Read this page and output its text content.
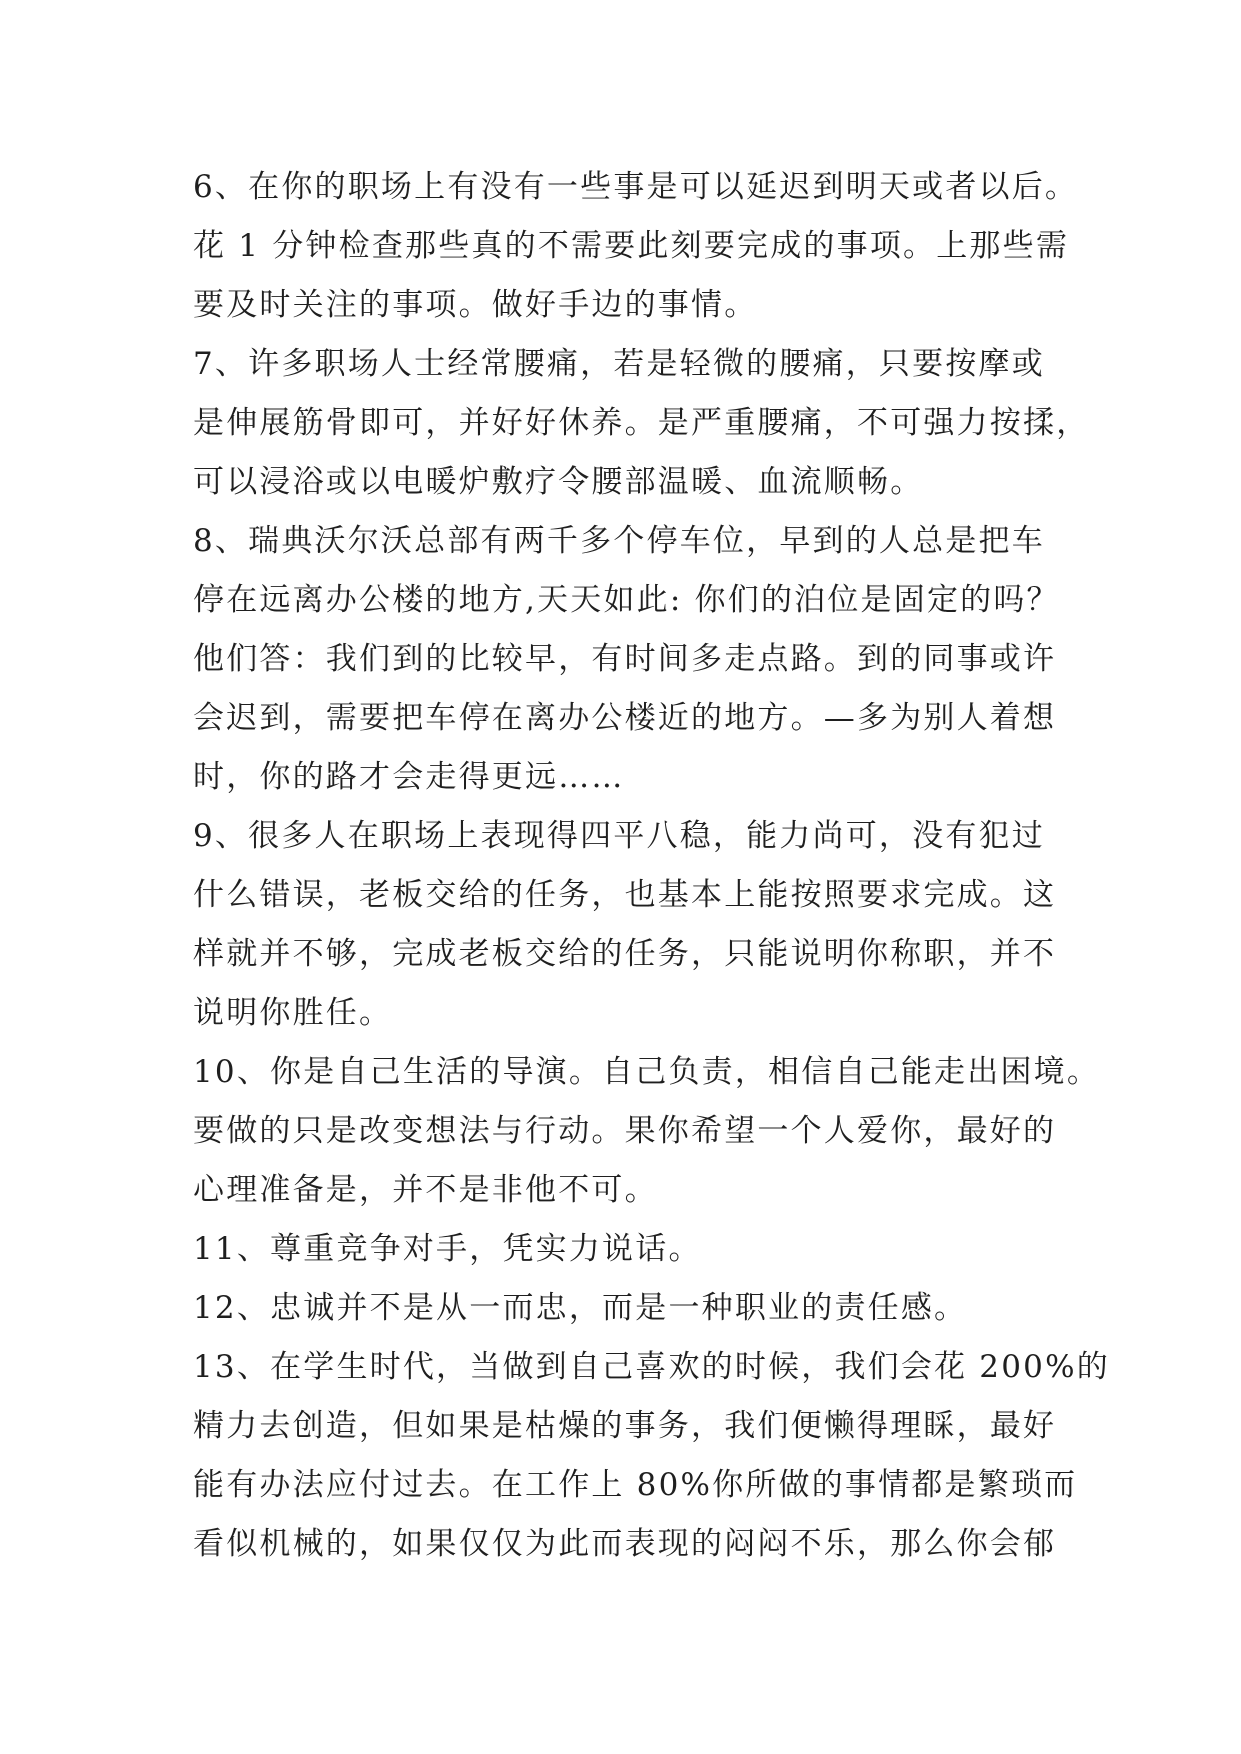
6、在你的职场上有没有一些事是可以延迟到明天或者以后。
花 1 分钟检查那些真的不需要此刻要完成的事项。上那些需
要及时关注的事项。做好手边的事情。
7、许多职场人士经常腰痛，若是轻微的腰痛，只要按摩或
是伸展筋骨即可，并好好休养。是严重腰痛，不可强力按揉，
可以浸浴或以电暖炉敷疗令腰部温暖、血流顺畅。
8、瑞典沃尔沃总部有两千多个停车位，早到的人总是把车
停在远离办公楼的地方,天天如此: 你们的泊位是固定的吗？
他们答：我们到的比较早，有时间多走点路。到的同事或许
会迟到，需要把车停在离办公楼近的地方。—多为别人着想
时，你的路才会走得更远……
9、很多人在职场上表现得四平八稳，能力尚可，没有犯过
什么错误，老板交给的任务，也基本上能按照要求完成。这
样就并不够，完成老板交给的任务，只能说明你称职，并不
说明你胜任。
10、你是自己生活的导演。自己负责，相信自己能走出困境。
要做的只是改变想法与行动。果你希望一个人爱你，最好的
心理准备是，并不是非他不可。
11、尊重竞争对手，凭实力说话。
12、忠诚并不是从一而忠，而是一种职业的责任感。
13、在学生时代，当做到自己喜欢的时候，我们会花 200%的
精力去创造，但如果是枯燥的事务，我们便懒得理睬，最好
能有办法应付过去。在工作上 80%你所做的事情都是繁琐而
看似机械的，如果仅仅为此而表现的闷闷不乐，那么你会郁
